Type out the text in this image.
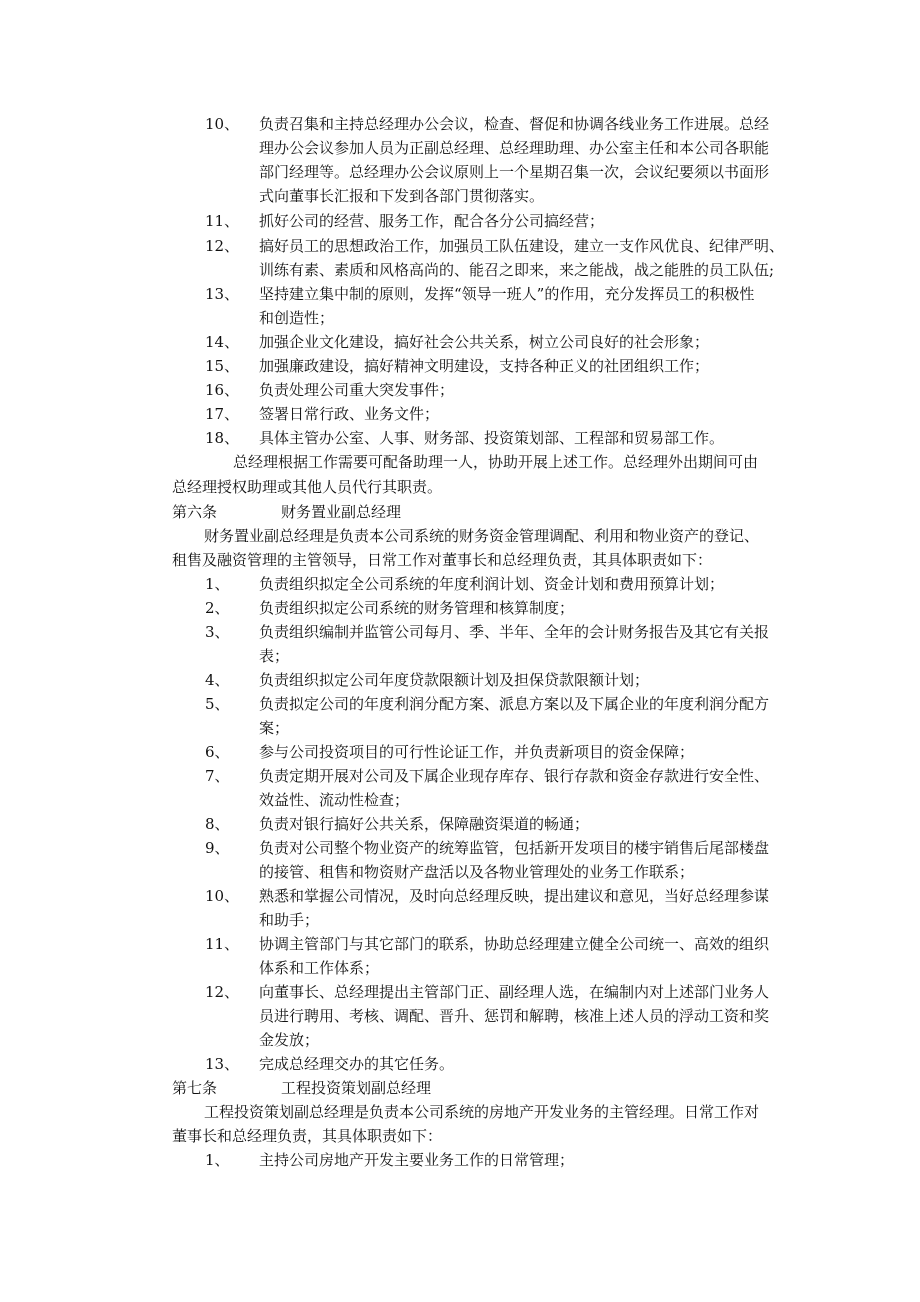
10、 负责召集和主持总经理办公会议，检查、督促和协调各线业务工作进展。总经
理办公会议参加人员为正副总经理、总经理助理、办公室主任和本公司各职能
部门经理等。总经理办公会议原则上一个星期召集一次，会议纪要须以书面形
式向董事长汇报和下发到各部门贯彻落实。
11、 抓好公司的经营、服务工作，配合各分公司搞经营；
12、 搞好员工的思想政治工作，加强员工队伍建设，建立一支作风优良、纪律严明、
训练有素、素质和风格高尚的、能召之即来，来之能战，战之能胜的员工队伍;
13、 坚持建立集中制的原则，发挥“领导一班人”的作用，充分发挥员工的积极性
和创造性；
14、 加强企业文化建设，搞好社会公共关系，树立公司良好的社会形象；
15、 加强廉政建设，搞好精神文明建设，支持各种正义的社团组织工作；
16、 负责处理公司重大突发事件；
17、 签署日常行政、业务文件；
18、 具体主管办公室、人事、财务部、投资策划部、工程部和贸易部工作。
总经理根据工作需要可配备助理一人，协助开展上述工作。总经理外出期间可由
总经理授权助理或其他人员代行其职责。
第六条	财务置业副总经理
财务置业副总经理是负责本公司系统的财务资金管理调配、利用和物业资产的登记、
租售及融资管理的主管领导，日常工作对董事长和总经理负责，其具体职责如下：
1、 负责组织拟定全公司系统的年度利润计划、资金计划和费用预算计划；
2、 负责组织拟定公司系统的财务管理和核算制度；
3、 负责组织编制并监管公司每月、季、半年、全年的会计财务报告及其它有关报
表；
4、 负责组织拟定公司年度贷款限额计划及担保贷款限额计划；
5、 负责拟定公司的年度利润分配方案、派息方案以及下属企业的年度利润分配方
案；
6、 参与公司投资项目的可行性论证工作，并负责新项目的资金保障；
7、 负责定期开展对公司及下属企业现存库存、银行存款和资金存款进行安全性、
效益性、流动性检查；
8、 负责对银行搞好公共关系，保障融资渠道的畅通；
9、 负责对公司整个物业资产的统筹监管，包括新开发项目的楼宇销售后尾部楼盘
的接管、租售和物资财产盘活以及各物业管理处的业务工作联系；
10、 熟悉和掌握公司情况，及时向总经理反映，提出建议和意见，当好总经理参谋
和助手；
11、 协调主管部门与其它部门的联系，协助总经理建立健全公司统一、高效的组织
体系和工作体系；
12、 向董事长、总经理提出主管部门正、副经理人选，在编制内对上述部门业务人
员进行聘用、考核、调配、晋升、惩罚和解聘，核准上述人员的浮动工资和奖
金发放；
13、 完成总经理交办的其它任务。
第七条	工程投资策划副总经理
工程投资策划副总经理是负责本公司系统的房地产开发业务的主管经理。日常工作对
董事长和总经理负责，其具体职责如下：
1、 主持公司房地产开发主要业务工作的日常管理；
